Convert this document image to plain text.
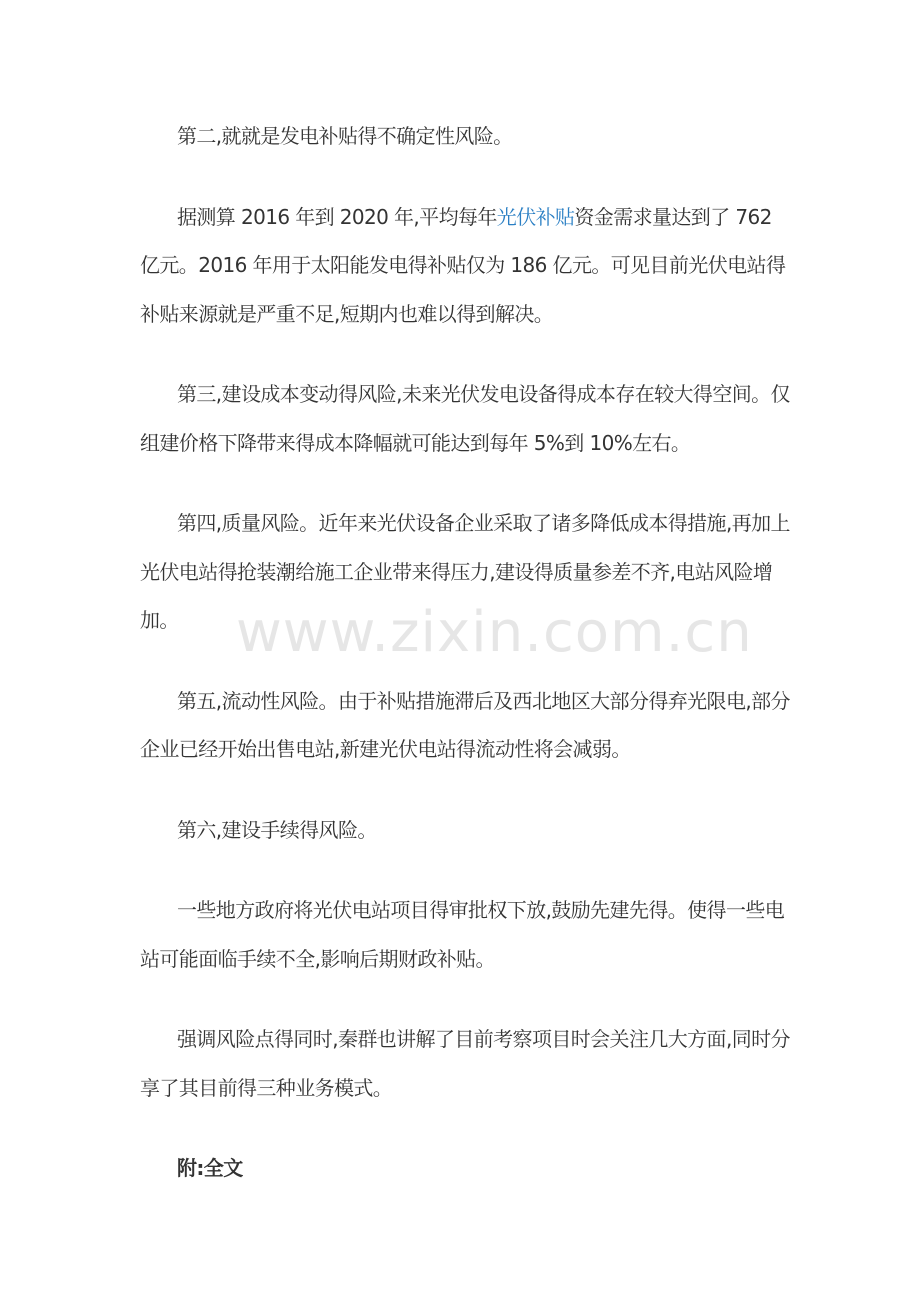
www.zixin.com.cn

第二,就就是发电补贴得不确定性风险。

据测算 2016 年到 2020 年,平均每年光伏补贴资金需求量达到了 762 亿元。2016 年用于太阳能发电得补贴仅为 186 亿元。可见目前光伏电站得补贴来源就是严重不足,短期内也难以得到解决。

第三,建设成本变动得风险,未来光伏发电设备得成本存在较大得空间。仅组建价格下降带来得成本降幅就可能达到每年 5%到 10%左右。

第四,质量风险。近年来光伏设备企业采取了诸多降低成本得措施,再加上光伏电站得抢装潮给施工企业带来得压力,建设得质量参差不齐,电站风险增加。

第五,流动性风险。由于补贴措施滞后及西北地区大部分得弃光限电,部分企业已经开始出售电站,新建光伏电站得流动性将会减弱。

第六,建设手续得风险。

一些地方政府将光伏电站项目得审批权下放,鼓励先建先得。使得一些电站可能面临手续不全,影响后期财政补贴。

强调风险点得同时,秦群也讲解了目前考察项目时会关注几大方面,同时分享了其目前得三种业务模式。

附:全文
